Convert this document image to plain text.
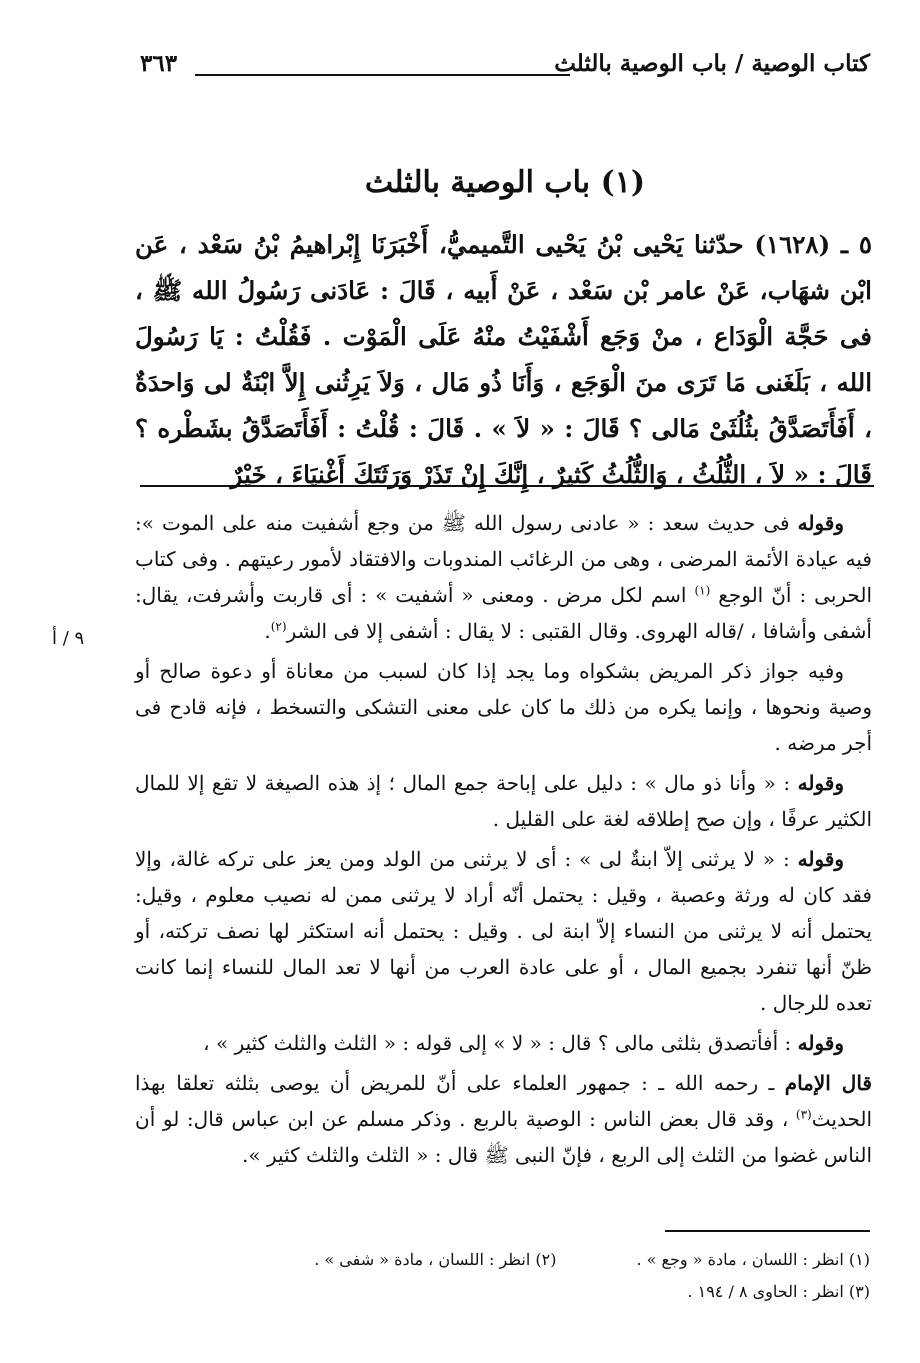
٣٦٣	كتاب الوصية / باب الوصية بالثلث
(١) باب الوصية بالثلث
٥ ـ (١٦٢٨) حدّثنا يَحْيى بْنُ يَحْيى التَّميميُّ، أَخْبَرَنَا إِبْراهيمُ بْنُ سَعْد ، عَن ابْن شهَاب، عَنْ عامر بْن سَعْد ، عَنْ أَبيه ، قَالَ : عَادَنى رَسُولُ الله ﷺ ، فى حَجَّة الْوَدَاع ، منْ وَجَع أَشْفَيْتُ منْهُ عَلَى الْمَوْت . فَقُلْتُ : يَا رَسُولَ الله ، بَلَغَنى مَا تَرَى منَ الْوَجَع ، وَأَنَا ذُو مَال ، وَلاَ يَرِثُنى إِلاَّ ابْنَةٌ لى وَاحدَةٌ ، أَفَأَتَصَدَّقُ بثُلُثَىْ مَالى ؟ قَالَ : « لاَ » . قَالَ : قُلْتُ : أَفَأَتَصَدَّقُ بشَطْره ؟ قَالَ : « لاَ ، الثُّلُثُ ، وَالثُّلُثُ كَثيرٌ ، إِنَّكَ إِنْ تَذَرْ وَرَثَتَكَ أَغْنيَاءَ ، خَيْرٌ

وقوله فى حديث سعد : « عادنى رسول الله ﷺ من وجع أشفيت منه على الموت »: فيه عيادة الأئمة المرضى ، وهى من الرغائب المندوبات والافتقاد لأمور رعيتهم . وفى كتاب الحربى : أنّ الوجع $^{(١)}$ اسم لكل مرض . ومعنى « أشفيت » : أى قاربت وأشرفت، يقال: أشفى وأشافا ، /قاله الهروى. وقال القتبى : لا يقال : أشفى إلا فى الشر$^{(٢)}$.

وفيه جواز ذكر المريض بشكواه وما يجد إذا كان لسبب من معاناة أو دعوة صالح أو وصية ونحوها ، وإنما يكره من ذلك ما كان على معنى التشكى والتسخط ، فإنه قادح فى أجر مرضه .

وقوله : « وأنا ذو مال » : دليل على إباحة جمع المال ؛ إذ هذه الصيغة لا تقع إلا للمال الكثير عرفًا ، وإن صح إطلاقه لغة على القليل .

وقوله : « لا يرثنى إلاّ ابنةٌ لى » : أى لا يرثنى من الولد ومن يعز على تركه غالة، وإلا فقد كان له ورثة وعصبة ، وقيل : يحتمل أنّه أراد لا يرثنى ممن له نصيب معلوم ، وقيل: يحتمل أنه لا يرثنى من النساء إلاّ ابنة لى . وقيل : يحتمل أنه استكثر لها نصف تركته، أو ظنّ أنها تنفرد بجميع المال ، أو على عادة العرب من أنها لا تعد المال للنساء إنما كانت تعده للرجال .

وقوله : أفأتصدق بثلثى مالى ؟ قال : « لا » إلى قوله : « الثلث والثلث كثير » ،

قال الإمام ـ رحمه الله ـ : جمهور العلماء على أنّ للمريض أن يوصى بثلثه تعلقا بهذا الحديث$^{(٣)}$ ، وقد قال بعض الناس : الوصية بالربع . وذكر مسلم عن ابن عباس قال: لو أن الناس غضوا من الثلث إلى الربع ، فإنّ النبى ﷺ قال : « الثلث والثلث كثير ».

٩ / أ
(١) انظر : اللسان ، مادة « وجع » .
(٢) انظر : اللسان ، مادة « شفى » .
(٣) انظر : الحاوى ٨ / ١٩٤ .
